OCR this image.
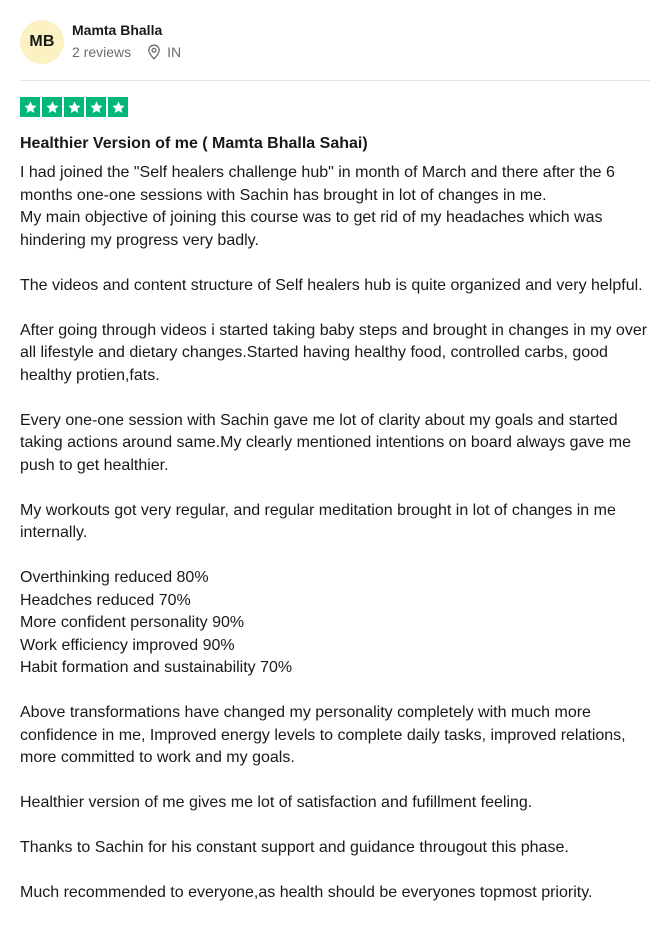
MB
Mamta Bhalla
2 reviews	IN
Healthier Version of me ( Mamta Bhalla Sahai)

I had joined the "Self healers challenge hub" in month of March and there after the 6 months one-one sessions with Sachin has brought in lot of changes in me.
My main objective of joining this course was to get rid of my headaches which was hindering my progress very badly.

The videos and content structure of Self healers hub is quite organized and very helpful.

After going through videos i started taking baby steps and brought in changes in my over all lifestyle and dietary changes.Started having healthy food, controlled carbs, good healthy protien,fats.

Every one-one session with Sachin gave me lot of clarity about my goals and started taking actions around same.My clearly mentioned intentions on board always gave me push to get healthier.

My workouts got very regular, and regular meditation brought in lot of changes in me internally.

Overthinking reduced 80%
Headches reduced 70%
More confident personality 90%
Work efficiency improved 90%
Habit formation and sustainability 70%

Above transformations have changed my personality completely with much more confidence in me, Improved energy levels to complete daily tasks, improved relations, more committed to work and my goals.

Healthier version of me gives me lot of satisfaction and fufillment feeling.

Thanks to Sachin for his constant support and guidance througout this phase.

Much recommended to everyone,as health should be everyones topmost priority.
